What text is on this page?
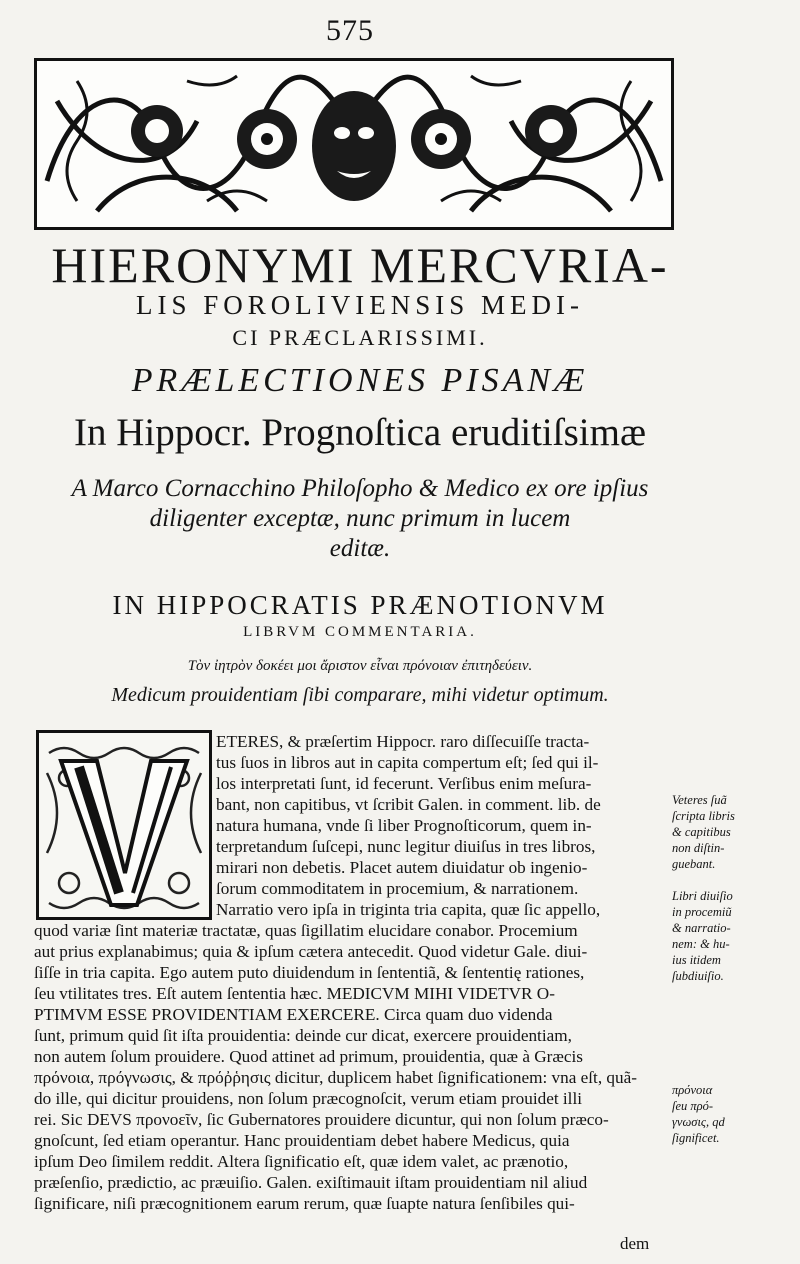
575
HIERONYMI MERCVRIA-
LIS FOROLIVIENSIS MEDI-
CI PRÆCLARISSIMI.
PRÆLECTIONES PISANÆ
In Hippocr. Prognoſtica eruditiſsimæ
A Marco Cornacchino Philoſopho & Medico ex ore ipſius
diligenter exceptæ, nunc primum in lucem
editæ.
IN HIPPOCRATIS PRÆNOTIONVM
LIBRVM COMMENTARIA.
Τὸν ἰητρὸν δοκέει μοι ἄριστον εἶναι πρόνοιαν ἐπιτηδεύειν.
Medicum prouidentiam ſibi comparare, mihi videtur optimum.
ETERES, & præſertim Hippocr. raro diſſecuiſſe tracta-
tus ſuos in libros aut in capita compertum eſt; ſed qui il-
los interpretati ſunt, id fecerunt. Verſibus enim meſura-
bant, non capitibus, vt ſcribit Galen. in comment. lib. de
natura humana, vnde ſi liber Prognoſticorum, quem in-
terpretandum ſuſcepi, nunc legitur diuiſus in tres libros,
mirari non debetis. Placet autem diuidatur ob ingenio-
ſorum commoditatem in procemium, & narrationem.
Narratio vero ipſa in triginta tria capita, quæ ſic appello,
quod variæ ſint materiæ tractatæ, quas ſigillatim elucidare conabor. Procemium
aut prius explanabimus; quia & ipſum cætera antecedit. Quod videtur Gale. diui-
ſiſſe in tria capita. Ego autem puto diuidendum in ſententiã, & ſententię rationes,
ſeu vtilitates tres. Eſt autem ſententia hæc. MEDICVM MIHI VIDETVR O-
PTIMVM ESSE PROVIDENTIAM EXERCERE. Circa quam duo videnda
ſunt, primum quid ſit iſta prouidentia: deinde cur dicat, exercere prouidentiam,
non autem ſolum prouidere. Quod attinet ad primum, prouidentia, quæ à Græcis
πρόνοια, πρόγνωσις, & πρόῤῥησις dicitur, duplicem habet ſignificationem: vna eſt, quã-
do ille, qui dicitur prouidens, non ſolum præcognoſcit, verum etiam prouidet illi
rei. Sic DEVS προνοεῖν, ſic Gubernatores prouidere dicuntur, qui non ſolum præco-
gnoſcunt, ſed etiam operantur. Hanc prouidentiam debet habere Medicus, quia
ipſum Deo ſimilem reddit. Altera ſignificatio eſt, quæ idem valet, ac prænotio,
præſenſio, prædictio, ac præuiſio. Galen. exiſtimauit iſtam prouidentiam nil aliud
ſignificare, niſi præcognitionem earum rerum, quæ ſuapte natura ſenſibiles qui-
dem
Veteres ſuã
ſcripta libris
& capitibus
non diſtin-
guebant.
Libri diuiſio
in procemiũ
& narratio-
nem: & hu-
ius itidem
ſubdiuiſio.
πρόνοια
ſeu πρό-
γνωσις, qd
ſignificet.
